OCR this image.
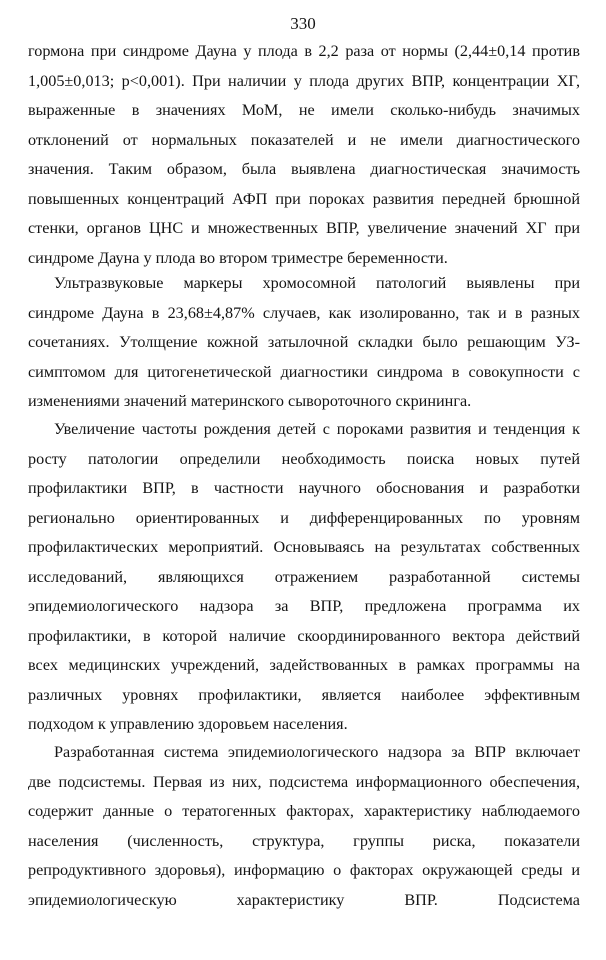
330
гормона при синдроме Дауна у плода в 2,2 раза от нормы (2,44±0,14 против
1,005±0,013; p<0,001). При наличии у плода других ВПР, концентрации ХГ,
выраженные в значениях МоМ, не имели сколько-нибудь значимых
отклонений от нормальных показателей и не имели диагностического
значения. Таким образом, была выявлена диагностическая значимость
повышенных концентраций АФП при пороках развития передней брюшной
стенки, органов ЦНС и множественных ВПР, увеличение значений ХГ при
синдроме Дауна у плода во втором триместре беременности.
Ультразвуковые маркеры хромосомной патологий выявлены при
синдроме Дауна в 23,68±4,87% случаев, как изолированно, так и в разных
сочетаниях. Утолщение кожной затылочной складки было решающим УЗ-
симптомом для цитогенетической диагностики синдрома в совокупности с
изменениями значений материнского сывороточного скрининга.
Увеличение частоты рождения детей с пороками развития и тенденция к
росту патологии определили необходимость поиска новых путей
профилактики ВПР, в частности научного обоснования и разработки
регионально ориентированных и дифференцированных по уровням
профилактических мероприятий. Основываясь на результатах собственных
исследований, являющихся отражением разработанной системы
эпидемиологического надзора за ВПР, предложена программа их
профилактики, в которой наличие скоординированного вектора действий
всех медицинских учреждений, задействованных в рамках программы на
различных уровнях профилактики, является наиболее эффективным
подходом к управлению здоровьем населения.
Разработанная система эпидемиологического надзора за ВПР включает
две подсистемы. Первая из них, подсистема информационного обеспечения,
содержит данные о тератогенных факторах, характеристику наблюдаемого
населения (численность, структура, группы риска, показатели
репродуктивного здоровья), информацию о факторах окружающей среды и
эпидемиологическую характеристику ВПР. Подсистема
